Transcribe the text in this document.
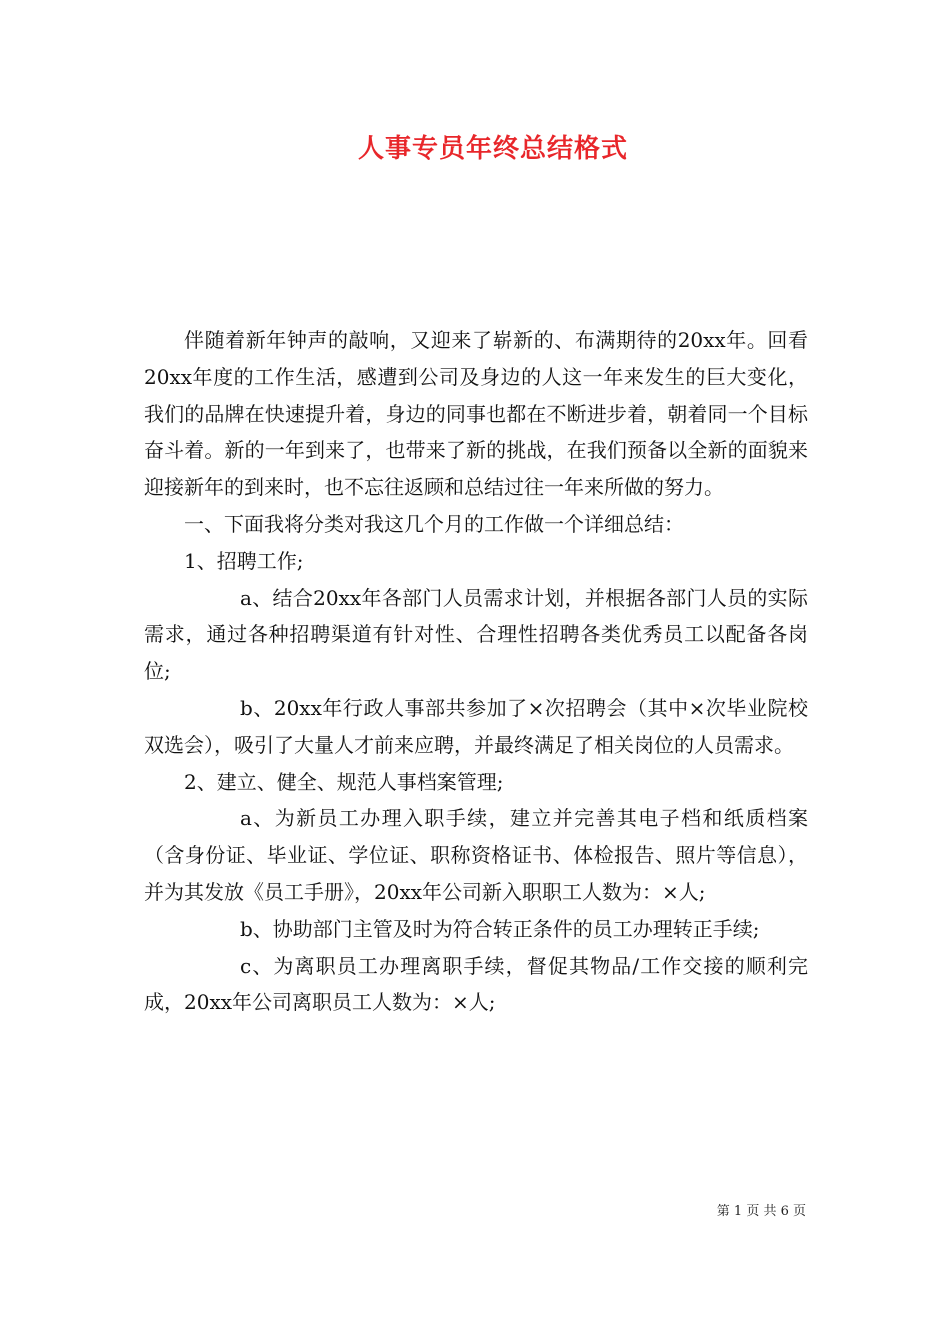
人事专员年终总结格式

伴随着新年钟声的敲响，又迎来了崭新的、布满期待的20xx年。回看20xx年度的工作生活，感遭到公司及身边的人这一年来发生的巨大变化，我们的品牌在快速提升着，身边的同事也都在不断进步着，朝着同一个目标奋斗着。新的一年到来了，也带来了新的挑战，在我们预备以全新的面貌来迎接新年的到来时，也不忘往返顾和总结过往一年来所做的努力。

一、下面我将分类对我这几个月的工作做一个详细总结：

1、招聘工作;

a、结合20xx年各部门人员需求计划，并根据各部门人员的实际需求，通过各种招聘渠道有针对性、合理性招聘各类优秀员工以配备各岗位;

b、20xx年行政人事部共参加了×次招聘会（其中×次毕业院校双选会），吸引了大量人才前来应聘，并最终满足了相关岗位的人员需求。

2、建立、健全、规范人事档案管理;

a、为新员工办理入职手续，建立并完善其电子档和纸质档案（含身份证、毕业证、学位证、职称资格证书、体检报告、照片等信息），并为其发放《员工手册》，20xx年公司新入职职工人数为：×人;

b、协助部门主管及时为符合转正条件的员工办理转正手续;

c、为离职员工办理离职手续，督促其物品/工作交接的顺利完成，20xx年公司离职员工人数为：×人;

第 1 页 共 6 页
